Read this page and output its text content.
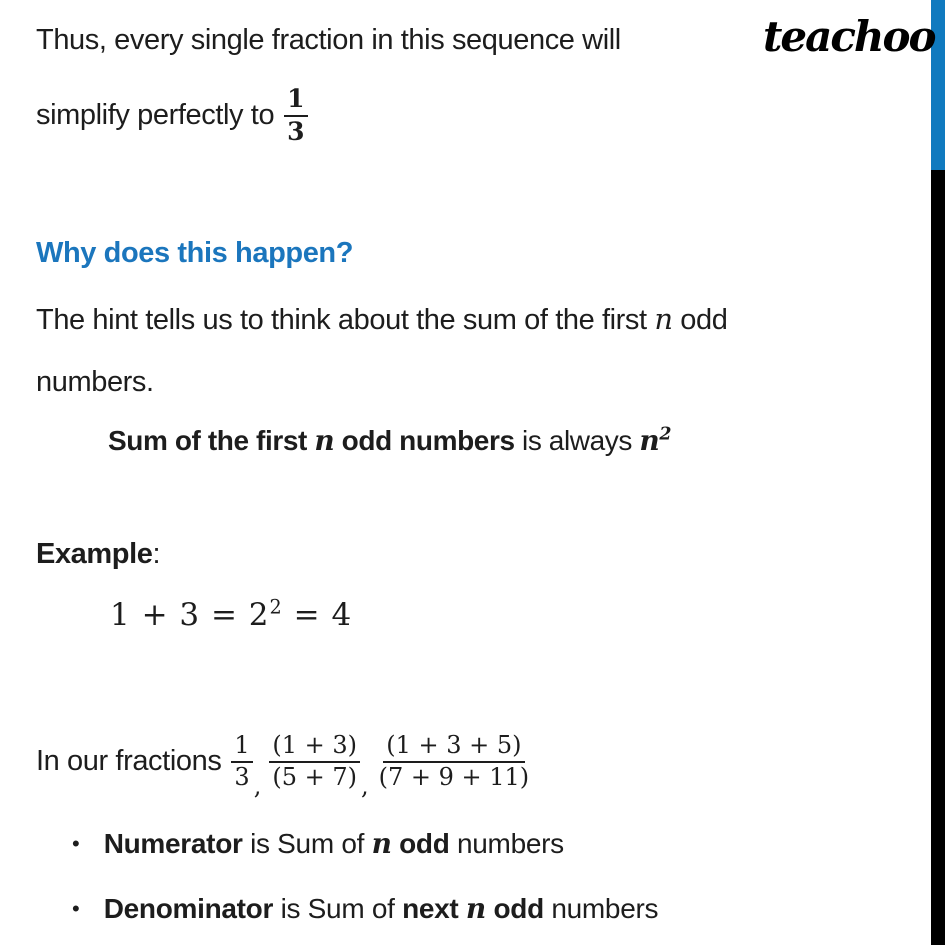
teachoo
Thus, every single fraction in this sequence will
simplify perfectly to $\frac{1}{3}$
Why does this happen?
The hint tells us to think about the sum of the first n odd
numbers.
Sum of the first n odd numbers is always $n^2$
Example:
$1 + 3 = 2^2 = 4$
In our fractions $\frac{1}{3}$ , $\frac{(1 + 3)}{(5 + 7)}$ , $\frac{(1 + 3 + 5)}{(7 + 9 + 11)}$
• Numerator is Sum of n odd numbers
• Denominator is Sum of next n odd numbers
